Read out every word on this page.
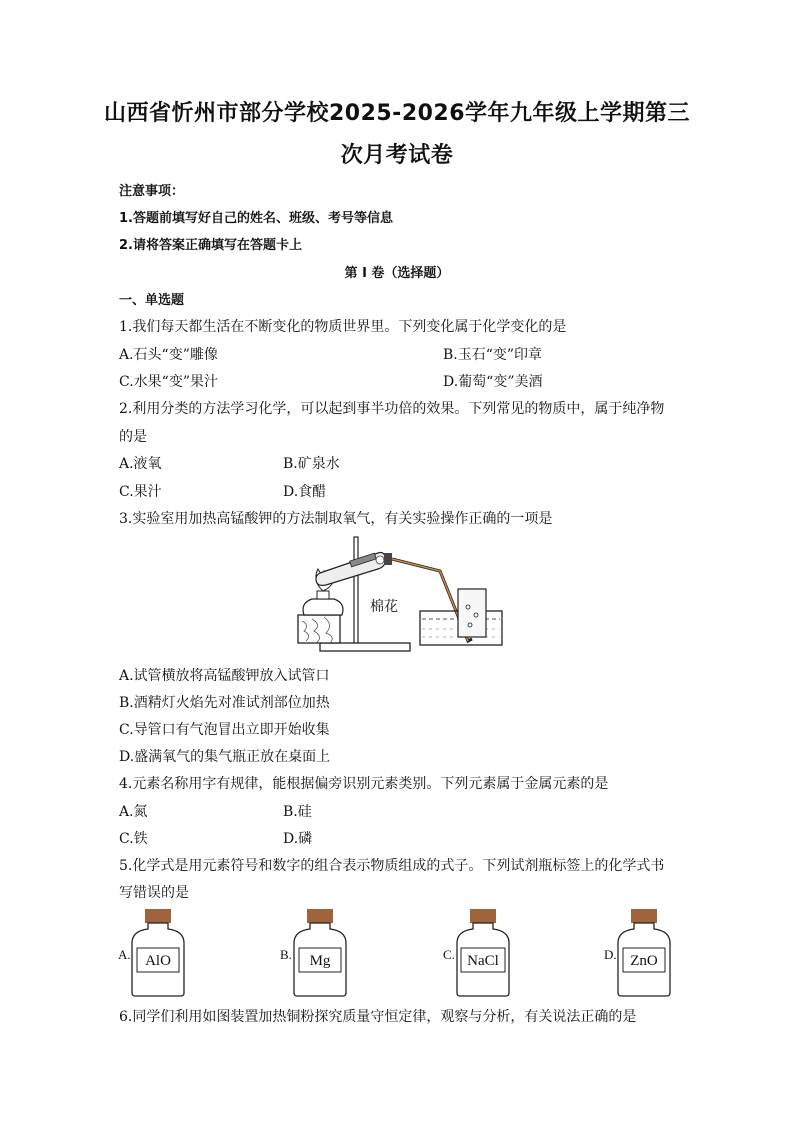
山西省忻州市部分学校2025-2026学年九年级上学期第三
次月考试卷
注意事项：
1.答题前填写好自己的姓名、班级、考号等信息
2.请将答案正确填写在答题卡上
第 I 卷（选择题）
一、单选题
1.我们每天都生活在不断变化的物质世界里。下列变化属于化学变化的是
A.石头“变”雕像	B.玉石“变”印章
C.水果“变”果汁	D.葡萄“变”美酒
2.利用分类的方法学习化学，可以起到事半功倍的效果。下列常见的物质中，属于纯净物
的是
A.液氧	B.矿泉水
C.果汁	D.食醋
3.实验室用加热高锰酸钾的方法制取氧气，有关实验操作正确的一项是
棉花
A.试管横放将高锰酸钾放入试管口
B.酒精灯火焰先对准试剂部位加热
C.导管口有气泡冒出立即开始收集
D.盛满氧气的集气瓶正放在桌面上
4.元素名称用字有规律，能根据偏旁识别元素类别。下列元素属于金属元素的是
A.氮	B.硅
C.铁	D.磷
5.化学式是用元素符号和数字的组合表示物质组成的式子。下列试剂瓶标签上的化学式书
写错误的是
A. AlO	B. Mg	C. NaCl	D. ZnO
6.同学们利用如图装置加热铜粉探究质量守恒定律，观察与分析，有关说法正确的是
